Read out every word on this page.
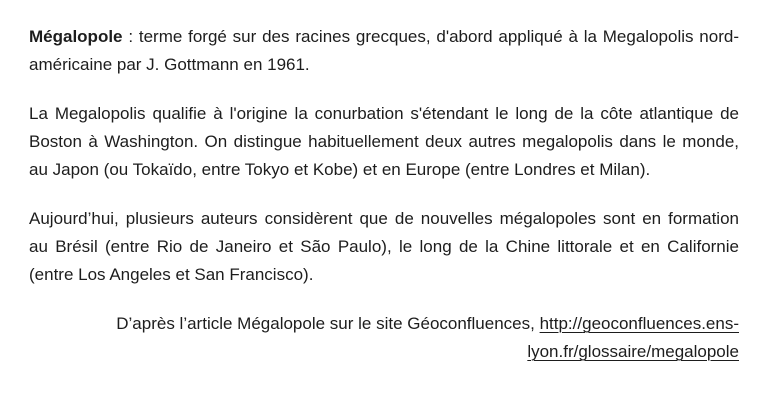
Mégalopole : terme forgé sur des racines grecques, d'abord appliqué à la Megalopolis nord-américaine par J. Gottmann en 1961.

La Megalopolis qualifie à l'origine la conurbation s'étendant le long de la côte atlantique de Boston à Washington. On distingue habituellement deux autres megalopolis dans le monde, au Japon (ou Tokaïdo, entre Tokyo et Kobe) et en Europe (entre Londres et Milan).

Aujourd’hui, plusieurs auteurs considèrent que de nouvelles mégalopoles sont en formation au Brésil (entre Rio de Janeiro et São Paulo), le long de la Chine littorale et en Californie (entre Los Angeles et San Francisco).

D’après l’article Mégalopole sur le site Géoconfluences, http://geoconfluences.ens-lyon.fr/glossaire/megalopole
